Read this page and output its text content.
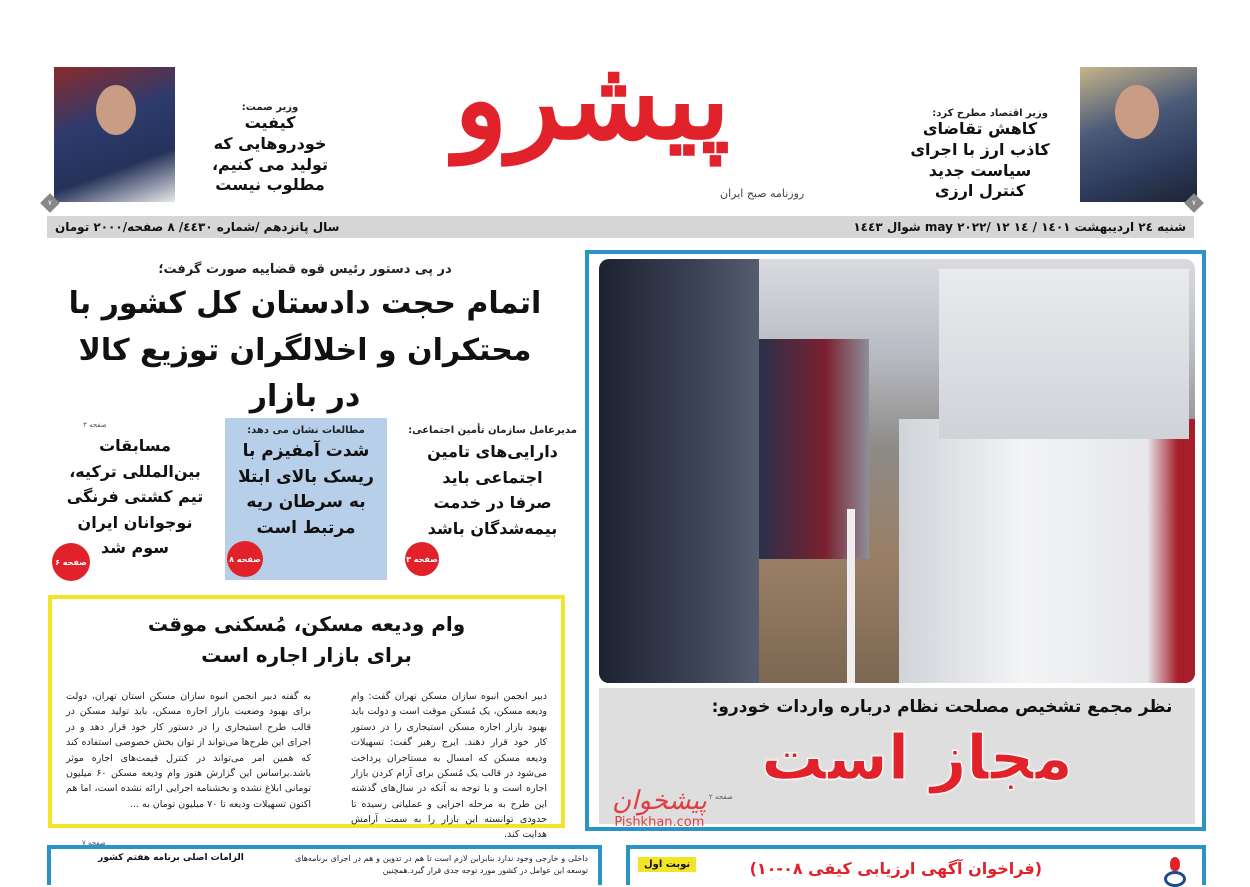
۷
وزیر اقتصاد مطرح کرد:
کاهش تقاضای کاذب ارز با اجرای سیاست جدید کنترل ارزی
پیشرو
روزنامه صبح ایران
۷
وزیر صمت:
کیفیت خودروهایی که تولید می کنیم، مطلوب نیست
شنبه ۲٤ اردیبهشت ۱٤۰۱ / ۱٤ may ۲۰۲۲/ ۱۲ شوال ۱٤٤۳
سال پانزدهم /شماره ٤٤۳۰/ ۸ صفحه/۲۰۰۰ تومان
در پی دستور رئیس قوه قضاییه صورت گرفت؛
اتمام حجت دادستان کل کشور با محتکران و اخلالگران توزیع کالا در بازار
صفحه ۳
مدیرعامل سازمان تأمین اجتماعی:
دارایی‌های تامین اجتماعی باید صرفا در خدمت بیمه‌شدگان باشد
صفحه ۳
مطالعات نشان می دهد:
شدت آمفیزم با ریسک بالای ابتلا به سرطان ریه مرتبط است
صفحه ۸
مسابقات بین‌المللی ترکیه، تیم کشتی فرنگی نوجوانان ایران سوم شد
صفحه ۶
وام ودیعه مسکن، مُسکنی موقت برای بازار اجاره است
دبیر انجمن انبوه سازان مسکن تهران گفت: وام ودیعه مسکن، یک مُسکن موقت است و دولت باید بهبود بازار اجاره مسکن استیجاری را در دستور کار خود قرار دهند. ایرج رهبر گفت: تسهیلات ودیعه مسکن که امسال به مستاجران پرداخت می‌شود در قالب یک مُسکن برای آرام کردن بازار اجاره است و با توجه به آنکه در سال‌های گذشته این طرح به مرحله اجرایی و عملیاتی رسیده تا حدودی توانسته این بازار را به سمت آرامش هدایت کند.
به گفته دبیر انجمن انبوه سازان مسکن استان تهران، دولت برای بهبود وضعیت بازار اجاره مسکن، باید تولید مسکن در قالب طرح استیجاری را در دستور کار خود قرار دهد و در اجرای این طرح‌ها می‌تواند از توان بخش خصوصی استفاده کند که همین امر می‌تواند در کنترل قیمت‌های اجاره موثر باشد.براساس این گزارش هنوز وام ودیعه مسکن ۶۰ میلیون تومانی ابلاغ نشده و بخشنامه اجرایی ارائه نشده است، اما هم اکنون تسهیلات ودیعه تا ۷۰ میلیون تومان به ...
صفحه ۷
نظر مجمع تشخیص مصلحت نظام درباره واردات خودرو:
مجاز است
صفحه ۲
پیشخوان
Pishkhan.com
داخلی و خارجی وجود ندارد بنابراین لازم است تا هم در تدوین و هم در اجرای برنامه‌های توسعه این عوامل در کشور مورد توجه جدی قرار گیرد.همچنین
الزامات اصلی برنامه هفتم کشور
(فراخوان آگهی ارزیابی کیفی ۰۸-۱۰)
نوبت اول
